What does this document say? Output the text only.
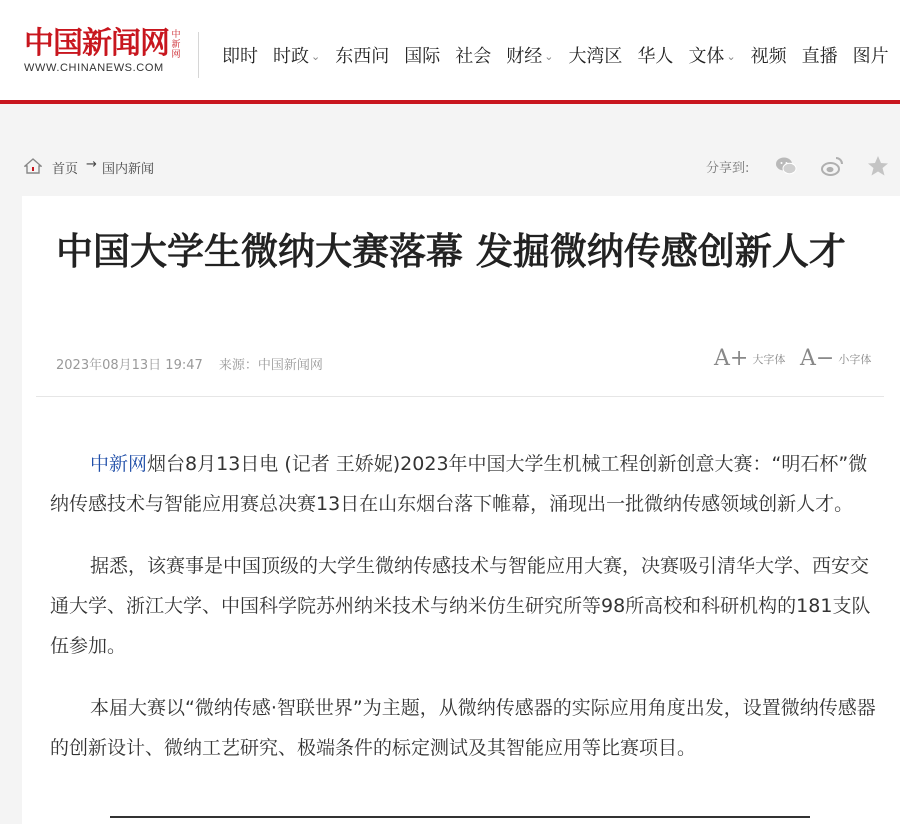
中国新闻网 中新网
WWW.CHINANEWS.COM
即时 时政 ⌄ 东西问 国际 社会 财经 ⌄ 大湾区 华人 文体 ⌄ 视频 直播 图片
首页 → 国内新闻	分享到:
中国大学生微纳大赛落幕 发掘微纳传感创新人才
2023年08月13日 19:47 来源：中国新闻网	A+ 大字体 A− 小字体

中新网烟台8月13日电 (记者 王娇妮)2023年中国大学生机械工程创新创意大赛：“明石杯”微纳传感技术与智能应用赛总决赛13日在山东烟台落下帷幕，涌现出一批微纳传感领域创新人才。

据悉，该赛事是中国顶级的大学生微纳传感技术与智能应用大赛，决赛吸引清华大学、西安交通大学、浙江大学、中国科学院苏州纳米技术与纳米仿生研究所等98所高校和科研机构的181支队伍参加。

本届大赛以“微纳传感·智联世界”为主题，从微纳传感器的实际应用角度出发，设置微纳传感器的创新设计、微纳工艺研究、极端条件的标定测试及其智能应用等比赛项目。
